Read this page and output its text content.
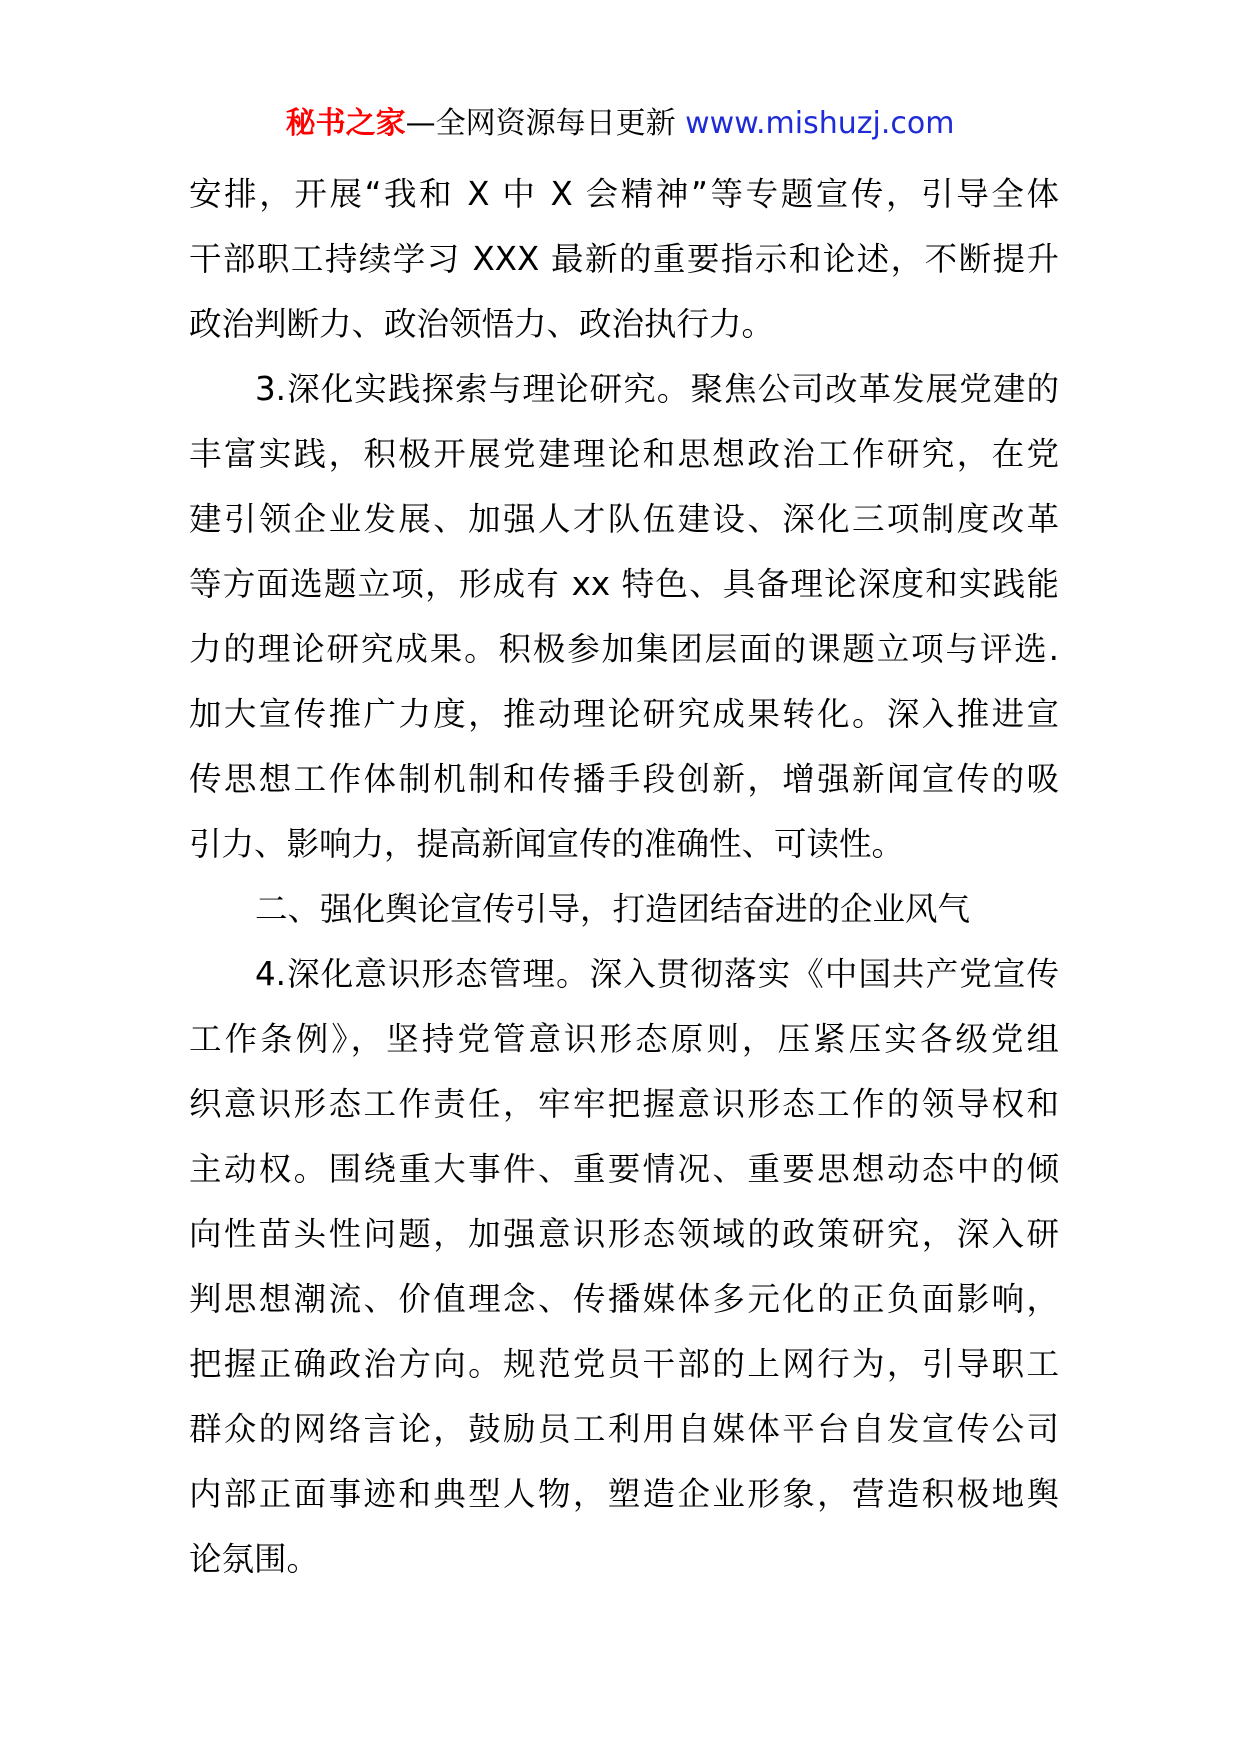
秘书之家—全网资源每日更新 www.mishuzj.com
安排，开展“我和 X 中 X 会精神”等专题宣传，引导全体
干部职工持续学习 XXX 最新的重要指示和论述，不断提升
政治判断力、政治领悟力、政治执行力。
3.深化实践探索与理论研究。聚焦公司改革发展党建的
丰富实践，积极开展党建理论和思想政治工作研究，在党
建引领企业发展、加强人才队伍建设、深化三项制度改革
等方面选题立项，形成有 xx 特色、具备理论深度和实践能
力的理论研究成果。积极参加集团层面的课题立项与评选.
加大宣传推广力度，推动理论研究成果转化。深入推进宣
传思想工作体制机制和传播手段创新，增强新闻宣传的吸
引力、影响力，提高新闻宣传的准确性、可读性。
二、强化舆论宣传引导，打造团结奋进的企业风气
4.深化意识形态管理。深入贯彻落实《中国共产党宣传
工作条例》，坚持党管意识形态原则，压紧压实各级党组
织意识形态工作责任，牢牢把握意识形态工作的领导权和
主动权。围绕重大事件、重要情况、重要思想动态中的倾
向性苗头性问题，加强意识形态领域的政策研究，深入研
判思想潮流、价值理念、传播媒体多元化的正负面影响，
把握正确政治方向。规范党员干部的上网行为，引导职工
群众的网络言论，鼓励员工利用自媒体平台自发宣传公司
内部正面事迹和典型人物，塑造企业形象，营造积极地舆
论氛围。
